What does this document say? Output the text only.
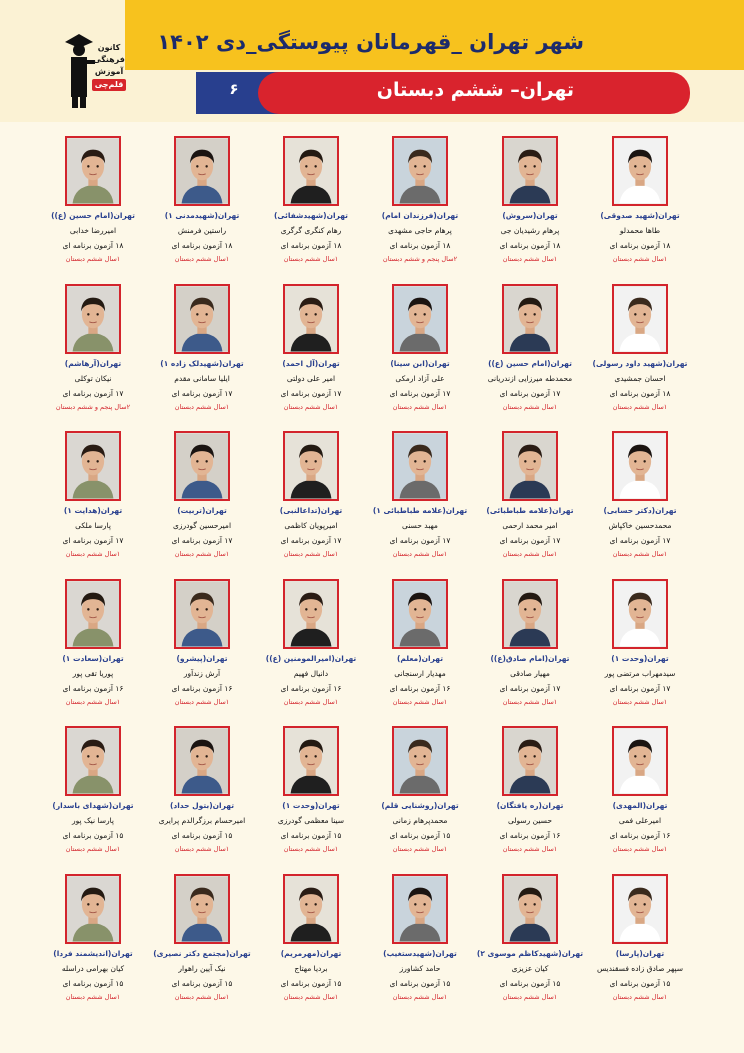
شهر تهران _قهرمانان پیوستگی_دی ۱۴۰۲
۶	تهران– ششم دبستان
کانون
فرهنگی
آموزش
قلم‌چی
تهران(شهید صدوقی)
طاها محمدلو
۱۸ آزمون برنامه ای
۱سال ششم دبستان
تهران(سروش)
پرهام رشیدیان جی
۱۸ آزمون برنامه ای
۱سال ششم دبستان
تهران(فرزندان امام)
پرهام حاجی مشهدی
۱۸ آزمون برنامه ای
۲سال پنجم و ششم دبستان
تهران(شهیدشفائی)
رهام کنگری گرگری
۱۸ آزمون برنامه ای
۱سال ششم دبستان
تهران(شهیدمدنی ۱)
راستین فرمنش
۱۸ آزمون برنامه ای
۱سال ششم دبستان
تهران(امام حسین (ع))
امیررضا خدابی
۱۸ آزمون برنامه ای
۱سال ششم دبستان
تهران(شهید داود رسولی)
احسان جمشیدی
۱۸ آزمون برنامه ای
۱سال ششم دبستان
تهران(امام حسین (ع))
محمدطه میرزایی ازندریانی
۱۷ آزمون برنامه ای
۱سال ششم دبستان
تهران(ابن سینا)
علی آزاد ارمکی
۱۷ آزمون برنامه ای
۱سال ششم دبستان
تهران(آل احمد)
امیر علی دولتی
۱۷ آزمون برنامه ای
۱سال ششم دبستان
تهران(شهیدلک زاده ۱)
ایلیا سامانی مقدم
۱۷ آزمون برنامه ای
۱سال ششم دبستان
تهران(آرهاشم)
نیکان توکلی
۱۷ آزمون برنامه ای
۲سال پنجم و ششم دبستان
تهران(دکتر حسابی)
محمدحسین خاکپاش
۱۷ آزمون برنامه ای
۱سال ششم دبستان
تهران(علامه طباطبائی)
امیر محمد ارحمی
۱۷ آزمون برنامه ای
۱سال ششم دبستان
تهران(علامه طباطبائی ۱)
مهبد حسنی
۱۷ آزمون برنامه ای
۱سال ششم دبستان
تهران(تداعالنبی)
امیرپویان کاظمی
۱۷ آزمون برنامه ای
۱سال ششم دبستان
تهران(تربیت)
امیرحسین گودرزی
۱۷ آزمون برنامه ای
۱سال ششم دبستان
تهران(هدایت ۱)
پارسا ملکی
۱۷ آزمون برنامه ای
۱سال ششم دبستان
تهران(وحدت ۱)
سیدمهراب مرتضی پور
۱۷ آزمون برنامه ای
۱سال ششم دبستان
تهران(امام صادق(ع))
مهیار صادقی
۱۷ آزمون برنامه ای
۱سال ششم دبستان
تهران(معلم)
مهدیار ارسنجانی
۱۶ آزمون برنامه ای
۱سال ششم دبستان
تهران(امیرالمومنین (ع))
دانیال فهیم
۱۶ آزمون برنامه ای
۱سال ششم دبستان
تهران(پیشرو)
آرش زندآور
۱۶ آزمون برنامه ای
۱سال ششم دبستان
تهران(سعادت ۱)
پوریا تقی پور
۱۶ آزمون برنامه ای
۱سال ششم دبستان
تهران(المهدی)
امیرعلی فمی
۱۶ آزمون برنامه ای
۱سال ششم دبستان
تهران(ره یافتگان)
حسین رسولی
۱۶ آزمون برنامه ای
۱سال ششم دبستان
تهران(روشنایی قلم)
محمدپرهام زمانی
۱۵ آزمون برنامه ای
۱سال ششم دبستان
تهران(وحدت ۱)
سینا معظمی گودرزی
۱۵ آزمون برنامه ای
۱سال ششم دبستان
تهران(بتول حداد)
امیرحسام برزگرالدم پرایری
۱۵ آزمون برنامه ای
۱سال ششم دبستان
تهران(شهدای باسدار)
پارسا نیک پور
۱۵ آزمون برنامه ای
۱سال ششم دبستان
تهران(پارسا)
سپهر صادق زاده فسقندیس
۱۵ آزمون برنامه ای
۱سال ششم دبستان
تهران(شهیدکاظم موسوی ۲)
کیان عزیزی
۱۵ آزمون برنامه ای
۱سال ششم دبستان
تهران(شهیدستغیب)
حامد کشاورز
۱۵ آزمون برنامه ای
۱سال ششم دبستان
تهران(مهرمریم)
بردیا مهتاج
۱۵ آزمون برنامه ای
۱سال ششم دبستان
تهران(مجتمع دکتر نصیری)
نیک آیین راهوار
۱۵ آزمون برنامه ای
۱سال ششم دبستان
تهران(اندیشمند فردا)
کیان بهرامی دراسله
۱۵ آزمون برنامه ای
۱سال ششم دبستان
